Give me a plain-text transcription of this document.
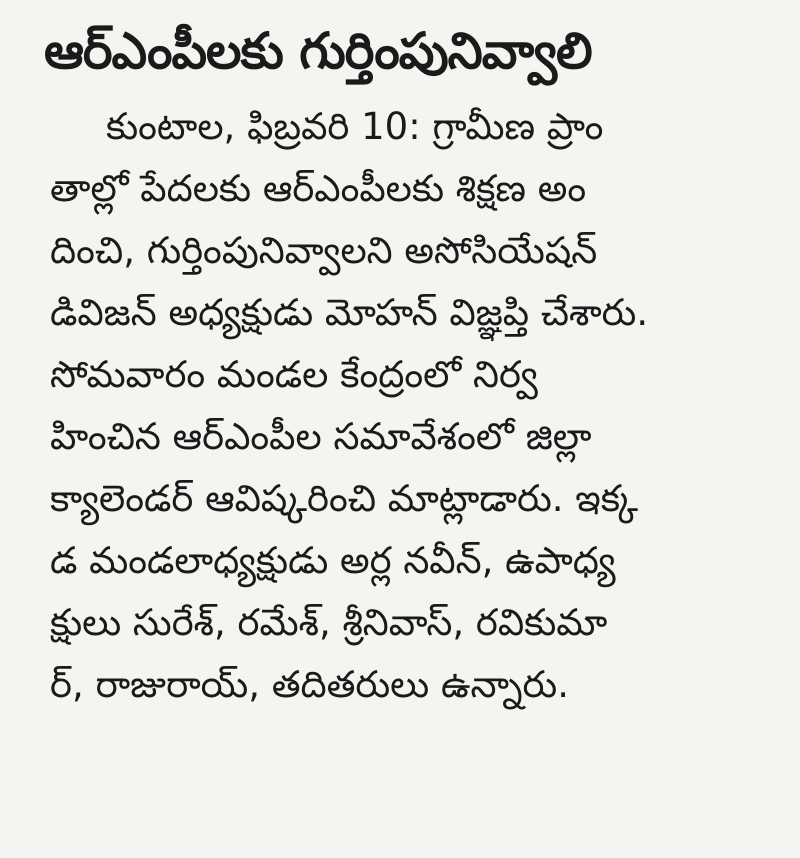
ఆర్‌ఎంపీలకు గుర్తింపునివ్వాలి
కుంటాల, ఫిబ్రవరి 10: గ్రామీణ ప్రాం
తాల్లో పేదలకు ఆర్‌ఎంపీలకు శిక్షణ అం
దించి, గుర్తింపునివ్వాలని అసోసియేషన్
డివిజన్ అధ్యక్షుడు మోహన్ విజ్ఞప్తి చేశారు.
సోమవారం మండల కేంద్రంలో నిర్వ
హించిన ఆర్‌ఎంపీల సమావేశంలో జిల్లా
క్యాలెండర్ ఆవిష్కరించి మాట్లాడారు. ఇక్క
డ మండలాధ్యక్షుడు అర్ల నవీన్, ఉపాధ్య
క్షులు సురేశ్, రమేశ్, శ్రీనివాస్, రవికుమా
ర్, రాజురాయ్, తదితరులు ఉన్నారు.
